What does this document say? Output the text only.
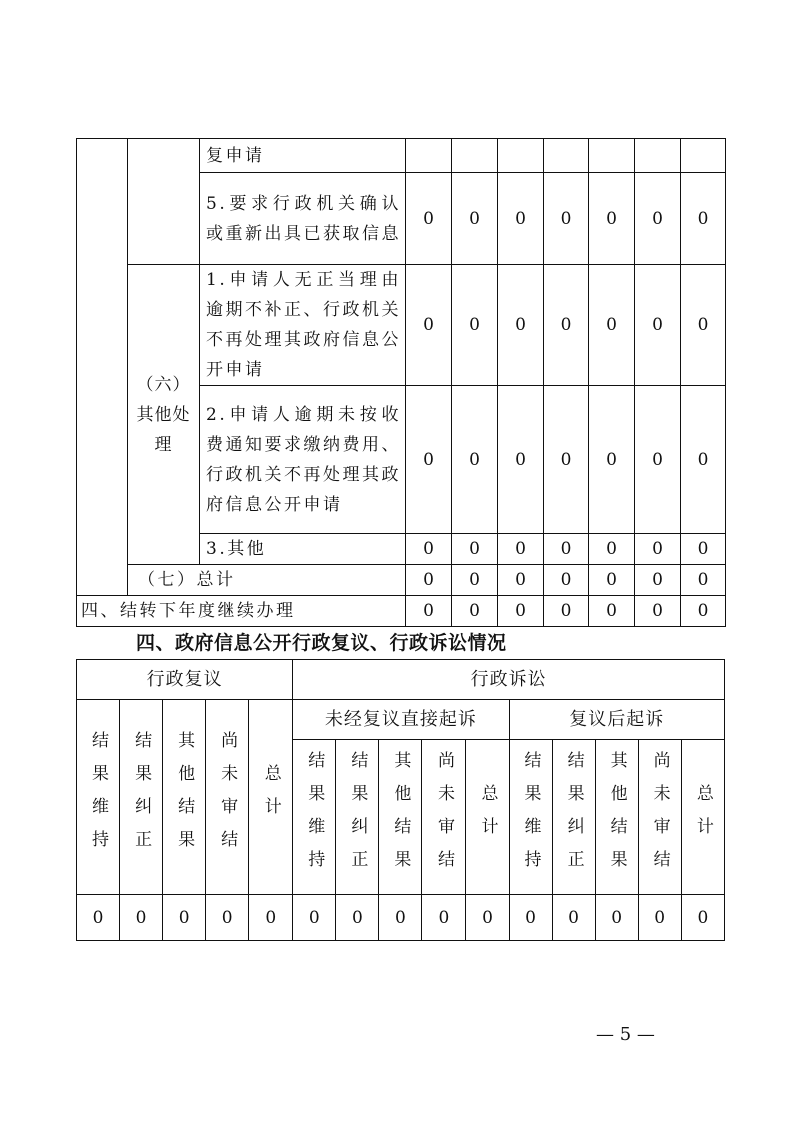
		复申请							
		5.要求行政机关确认或重新出具已获取信息	0	0	0	0	0	0	0
	（六）其他处理	1.申请人无正当理由逾期不补正、行政机关不再处理其政府信息公开申请	0	0	0	0	0	0	0
		2.申请人逾期未按收费通知要求缴纳费用、行政机关不再处理其政府信息公开申请	0	0	0	0	0	0	0
		3.其他	0	0	0	0	0	0	0
	（七）总计		0	0	0	0	0	0	0
四、结转下年度继续办理			0	0	0	0	0	0	0
四、政府信息公开行政复议、行政诉讼情况
行政复议					行政诉讼									

结果维持	结果纠正	其他结果	尚未审结	总计	未经复议直接起诉					复议后起诉				

					结果维持	结果纠正	其他结果	尚未审结	总计	结果维持	结果纠正	其他结果	尚未审结	总计

0	0	0	0	0	0	0	0	0	0	0	0	0	0	0
— 5 —
